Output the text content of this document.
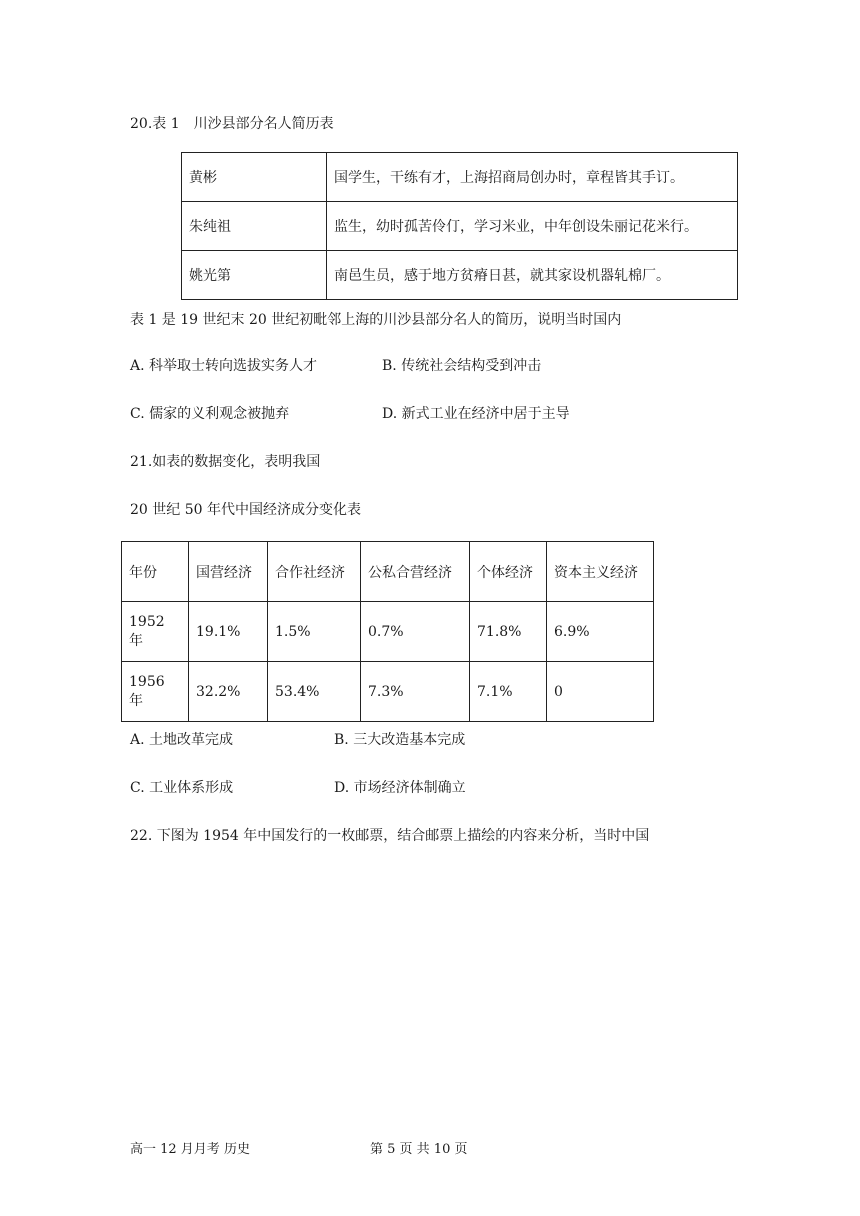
20.表 1　川沙县部分名人简历表
黄彬	国学生，干练有才，上海招商局创办时，章程皆其手订。
朱纯祖	监生，幼时孤苦伶仃，学习米业，中年创设朱丽记花米行。
姚光第	南邑生员，感于地方贫瘠日甚，就其家设机器轧棉厂。
表 1 是 19 世纪末 20 世纪初毗邻上海的川沙县部分名人的简历，说明当时国内
A. 科举取士转向选拔实务人才	B. 传统社会结构受到冲击
C. 儒家的义利观念被抛弃	D. 新式工业在经济中居于主导
21.如表的数据变化，表明我国
20 世纪 50 年代中国经济成分变化表
年份	国营经济	合作社经济	公私合营经济	个体经济	资本主义经济
1952 年	19.1%	1.5%	0.7%	71.8%	6.9%
1956 年	32.2%	53.4%	7.3%	7.1%	0
A. 土地改革完成	B. 三大改造基本完成
C. 工业体系形成	D. 市场经济体制确立
22. 下图为 1954 年中国发行的一枚邮票，结合邮票上描绘的内容来分析，当时中国
高一 12 月月考 历史	第 5 页 共 10 页
